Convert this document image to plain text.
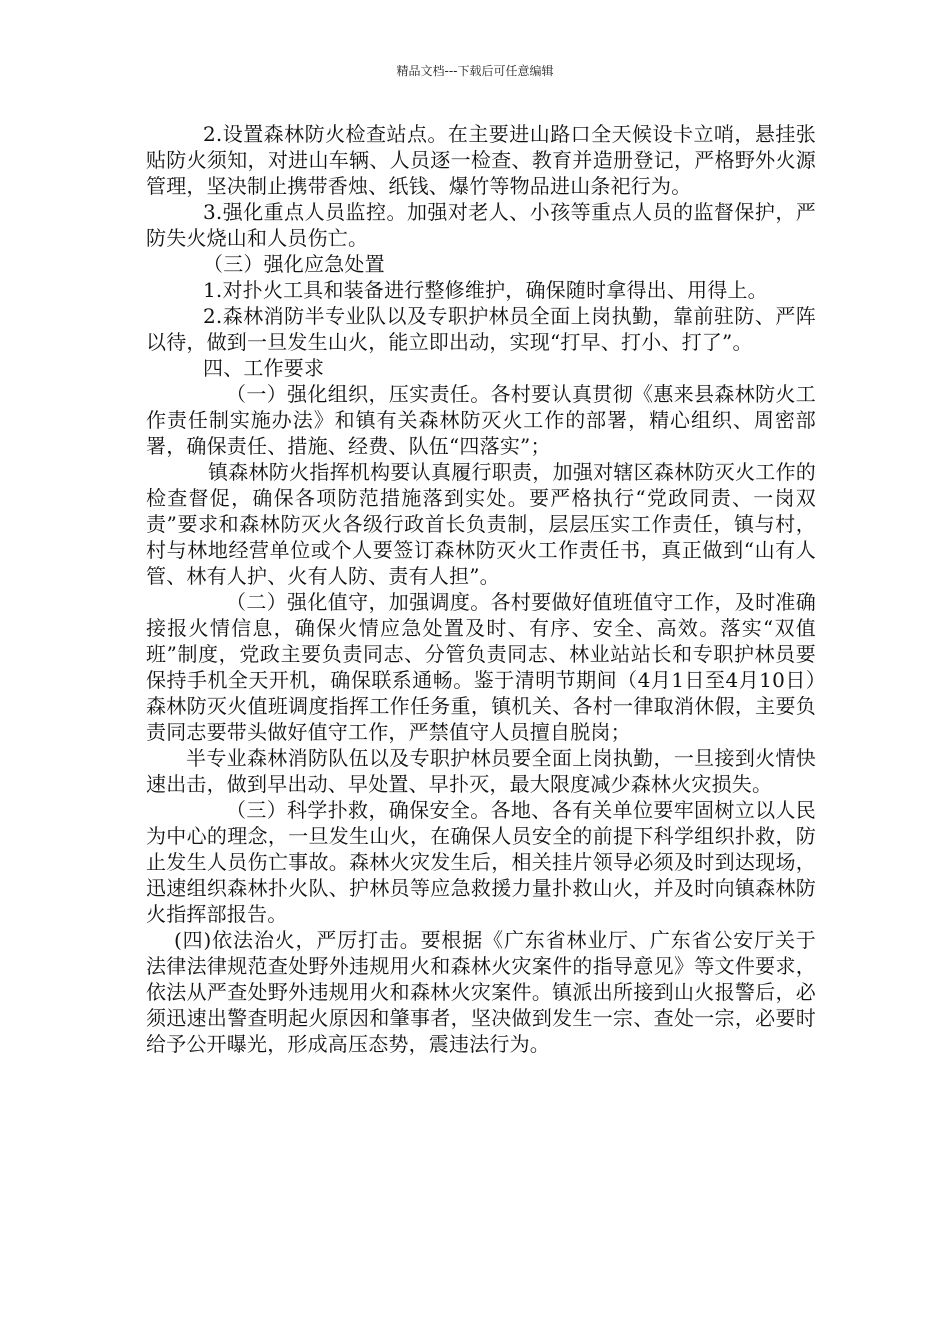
精品文档---下载后可任意编辑

2.设置森林防火检查站点。在主要进山路口全天候设卡立哨，悬挂张贴防火须知，对进山车辆、人员逐一检查、教育并造册登记，严格野外火源管理，坚决制止携带香烛、纸钱、爆竹等物品进山条祀行为。

3.强化重点人员监控。加强对老人、小孩等重点人员的监督保护，严防失火烧山和人员伤亡。

（三）强化应急处置

1.对扑火工具和装备进行整修维护，确保随时拿得出、用得上。

2.森林消防半专业队以及专职护林员全面上岗执勤，靠前驻防、严阵以待，做到一旦发生山火，能立即出动，实现“打早、打小、打了”。

四、工作要求

（一）强化组织，压实责任。各村要认真贯彻《惠来县森林防火工作责任制实施办法》和镇有关森林防灭火工作的部署，精心组织、周密部署，确保责任、措施、经费、队伍“四落实”；

镇森林防火指挥机构要认真履行职责，加强对辖区森林防灭火工作的检查督促，确保各项防范措施落到实处。要严格执行“党政同责、一岗双责”要求和森林防灭火各级行政首长负责制，层层压实工作责任，镇与村，村与林地经营单位或个人要签订森林防灭火工作责任书，真正做到“山有人管、林有人护、火有人防、责有人担”。

（二）强化值守，加强调度。各村要做好值班值守工作，及时准确接报火情信息，确保火情应急处置及时、有序、安全、高效。落实“双值班”制度，党政主要负责同志、分管负责同志、林业站站长和专职护林员要保持手机全天开机，确保联系通畅。鉴于清明节期间（4月1日至4月10日）森林防灭火值班调度指挥工作任务重，镇机关、各村一律取消休假，主要负责同志要带头做好值守工作，严禁值守人员擅自脱岗；

半专业森林消防队伍以及专职护林员要全面上岗执勤，一旦接到火情快速出击，做到早出动、早处置、早扑灭，最大限度减少森林火灾损失。

（三）科学扑救，确保安全。各地、各有关单位要牢固树立以人民为中心的理念，一旦发生山火，在确保人员安全的前提下科学组织扑救，防止发生人员伤亡事故。森林火灾发生后，相关挂片领导必须及时到达现场，迅速组织森林扑火队、护林员等应急救援力量扑救山火，并及时向镇森林防火指挥部报告。

(四)依法治火，严厉打击。要根据《广东省林业厅、广东省公安厅关于法律法律规范查处野外违规用火和森林火灾案件的指导意见》等文件要求，依法从严查处野外违规用火和森林火灾案件。镇派出所接到山火报警后，必须迅速出警查明起火原因和肇事者，坚决做到发生一宗、查处一宗，必要时给予公开曝光，形成高压态势，震违法行为。
